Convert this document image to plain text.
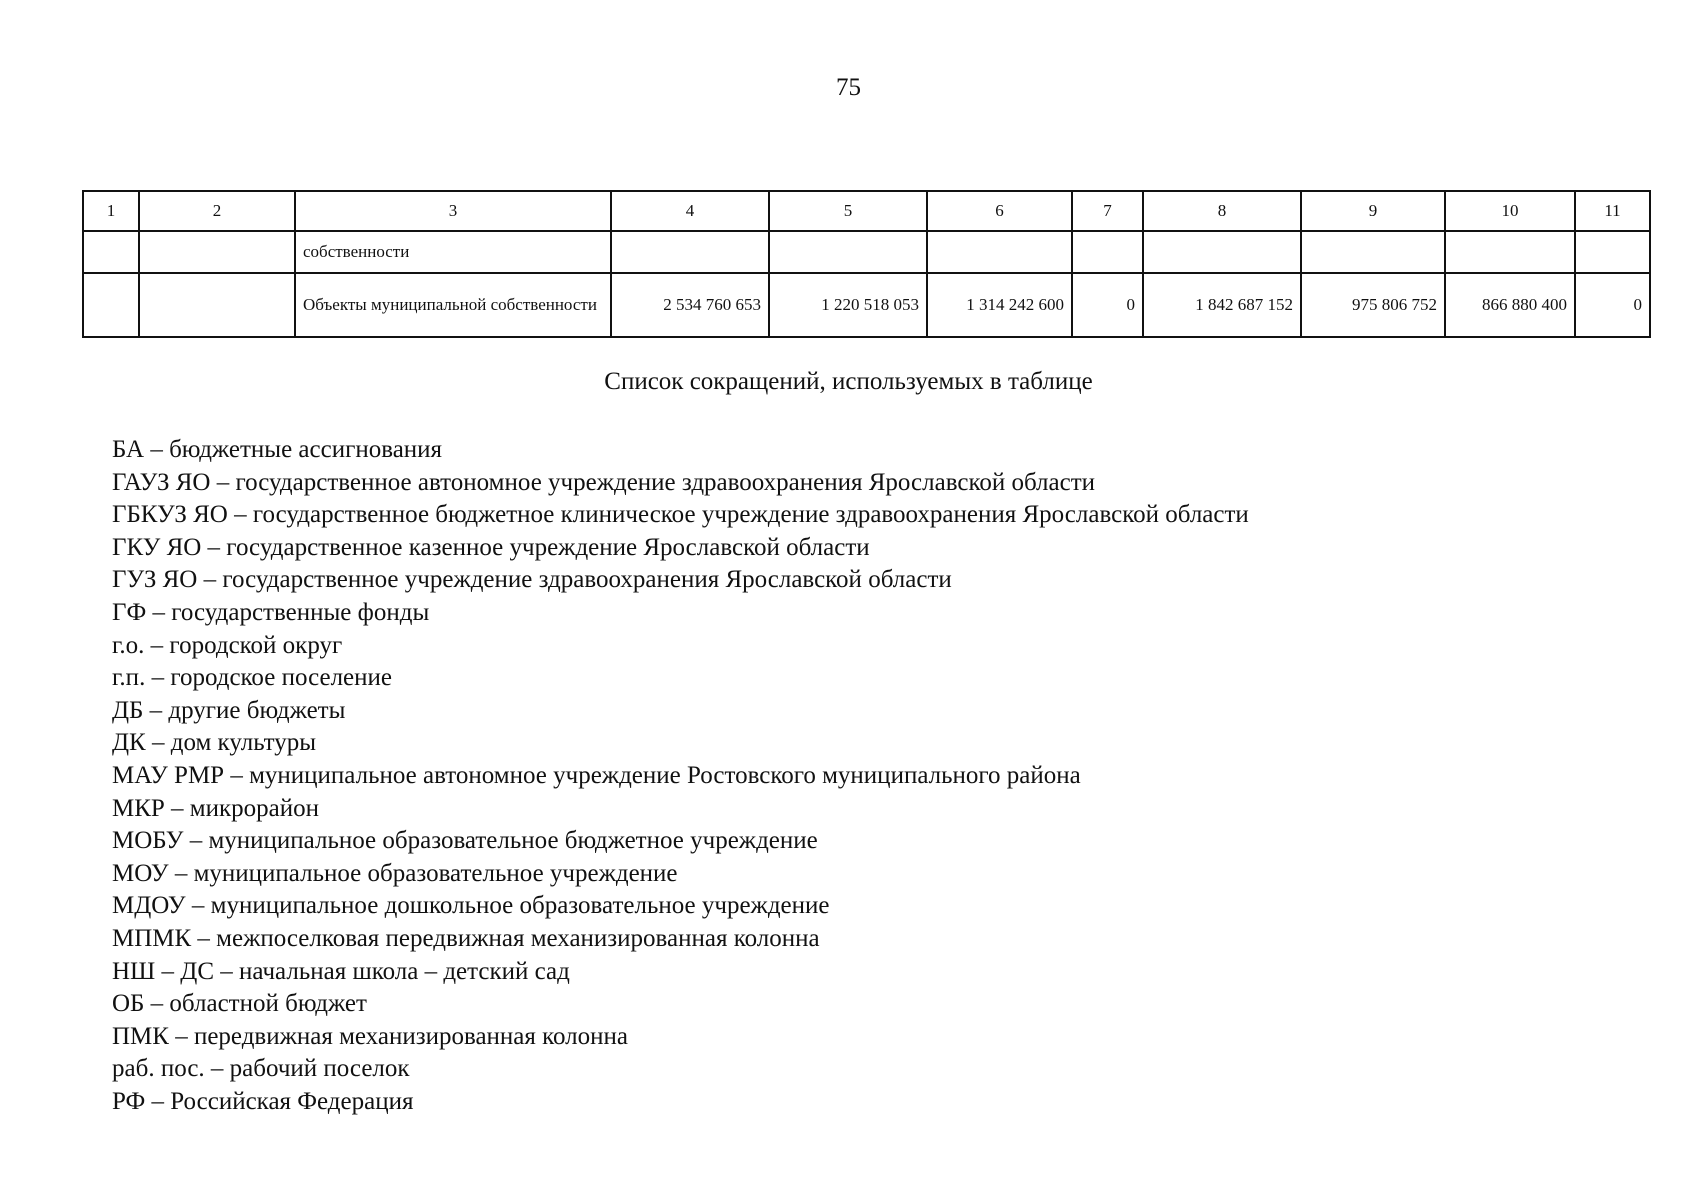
75
1	2	3	4	5	6	7	8	9	10	11
		собственности								
		Объекты муниципальной собственности	2 534 760 653	1 220 518 053	1 314 242 600	0	1 842 687 152	975 806 752	866 880 400	0
Список сокращений, используемых в таблице
БА – бюджетные ассигнования
ГАУЗ ЯО – государственное автономное учреждение здравоохранения Ярославской области
ГБКУЗ ЯО – государственное бюджетное клиническое учреждение здравоохранения Ярославской области
ГКУ ЯО – государственное казенное учреждение Ярославской области
ГУЗ ЯО – государственное учреждение здравоохранения Ярославской области
ГФ – государственные фонды
г.о. – городской округ
г.п. – городское поселение
ДБ – другие бюджеты
ДК – дом культуры
МАУ РМР – муниципальное автономное учреждение Ростовского муниципального района
МКР – микрорайон
МОБУ – муниципальное образовательное бюджетное учреждение
МОУ – муниципальное образовательное учреждение
МДОУ – муниципальное дошкольное образовательное учреждение
МПМК – межпоселковая передвижная механизированная колонна
НШ – ДС – начальная школа – детский сад
ОБ – областной бюджет
ПМК – передвижная механизированная колонна
раб. пос. – рабочий поселок
РФ – Российская Федерация
